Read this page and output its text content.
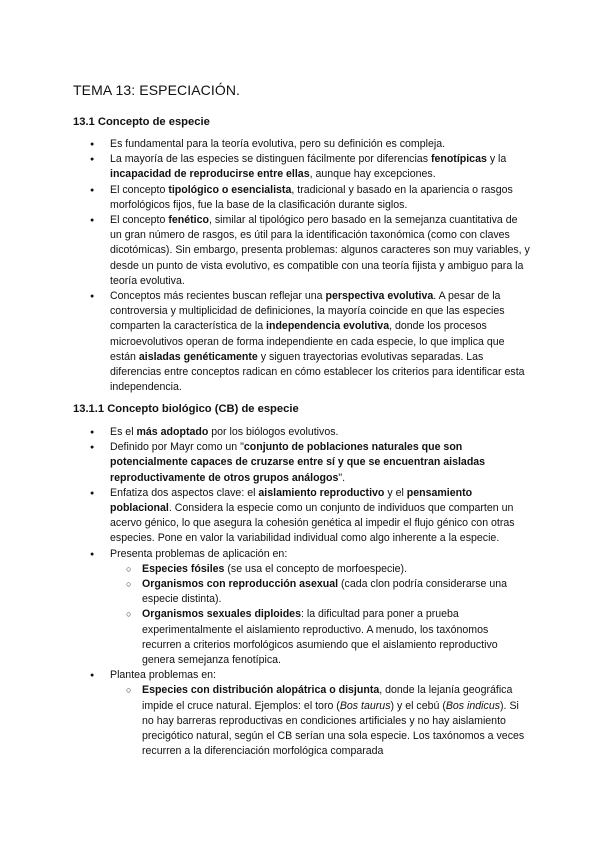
TEMA 13: ESPECIACIÓN.
13.1 Concepto de especie
● Es fundamental para la teoría evolutiva, pero su definición es compleja.
● La mayoría de las especies se distinguen fácilmente por diferencias fenotípicas y la incapacidad de reproducirse entre ellas, aunque hay excepciones.
● El concepto tipológico o esencialista, tradicional y basado en la apariencia o rasgos morfológicos fijos, fue la base de la clasificación durante siglos.
● El concepto fenético, similar al tipológico pero basado en la semejanza cuantitativa de un gran número de rasgos, es útil para la identificación taxonómica (como con claves dicotómicas). Sin embargo, presenta problemas: algunos caracteres son muy variables, y desde un punto de vista evolutivo, es compatible con una teoría fijista y ambiguo para la teoría evolutiva.
● Conceptos más recientes buscan reflejar una perspectiva evolutiva. A pesar de la controversia y multiplicidad de definiciones, la mayoría coincide en que las especies comparten la característica de la independencia evolutiva, donde los procesos microevolutivos operan de forma independiente en cada especie, lo que implica que están aisladas genéticamente y siguen trayectorias evolutivas separadas. Las diferencias entre conceptos radican en cómo establecer los criterios para identificar esta independencia.
13.1.1 Concepto biológico (CB) de especie
● Es el más adoptado por los biólogos evolutivos.
● Definido por Mayr como un "conjunto de poblaciones naturales que son potencialmente capaces de cruzarse entre sí y que se encuentran aisladas reproductivamente de otros grupos análogos".
● Enfatiza dos aspectos clave: el aislamiento reproductivo y el pensamiento poblacional. Considera la especie como un conjunto de individuos que comparten un acervo génico, lo que asegura la cohesión genética al impedir el flujo génico con otras especies. Pone en valor la variabilidad individual como algo inherente a la especie.
● Presenta problemas de aplicación en:
○ Especies fósiles (se usa el concepto de morfoespecie).
○ Organismos con reproducción asexual (cada clon podría considerarse una especie distinta).
○ Organismos sexuales diploides: la dificultad para poner a prueba experimentalmente el aislamiento reproductivo. A menudo, los taxónomos recurren a criterios morfológicos asumiendo que el aislamiento reproductivo genera semejanza fenotípica.
● Plantea problemas en:
○ Especies con distribución alopátrica o disjunta, donde la lejanía geográfica impide el cruce natural. Ejemplos: el toro (Bos taurus) y el cebú (Bos indicus). Si no hay barreras reproductivas en condiciones artificiales y no hay aislamiento precigótico natural, según el CB serían una sola especie. Los taxónomos a veces recurren a la diferenciación morfológica comparada
